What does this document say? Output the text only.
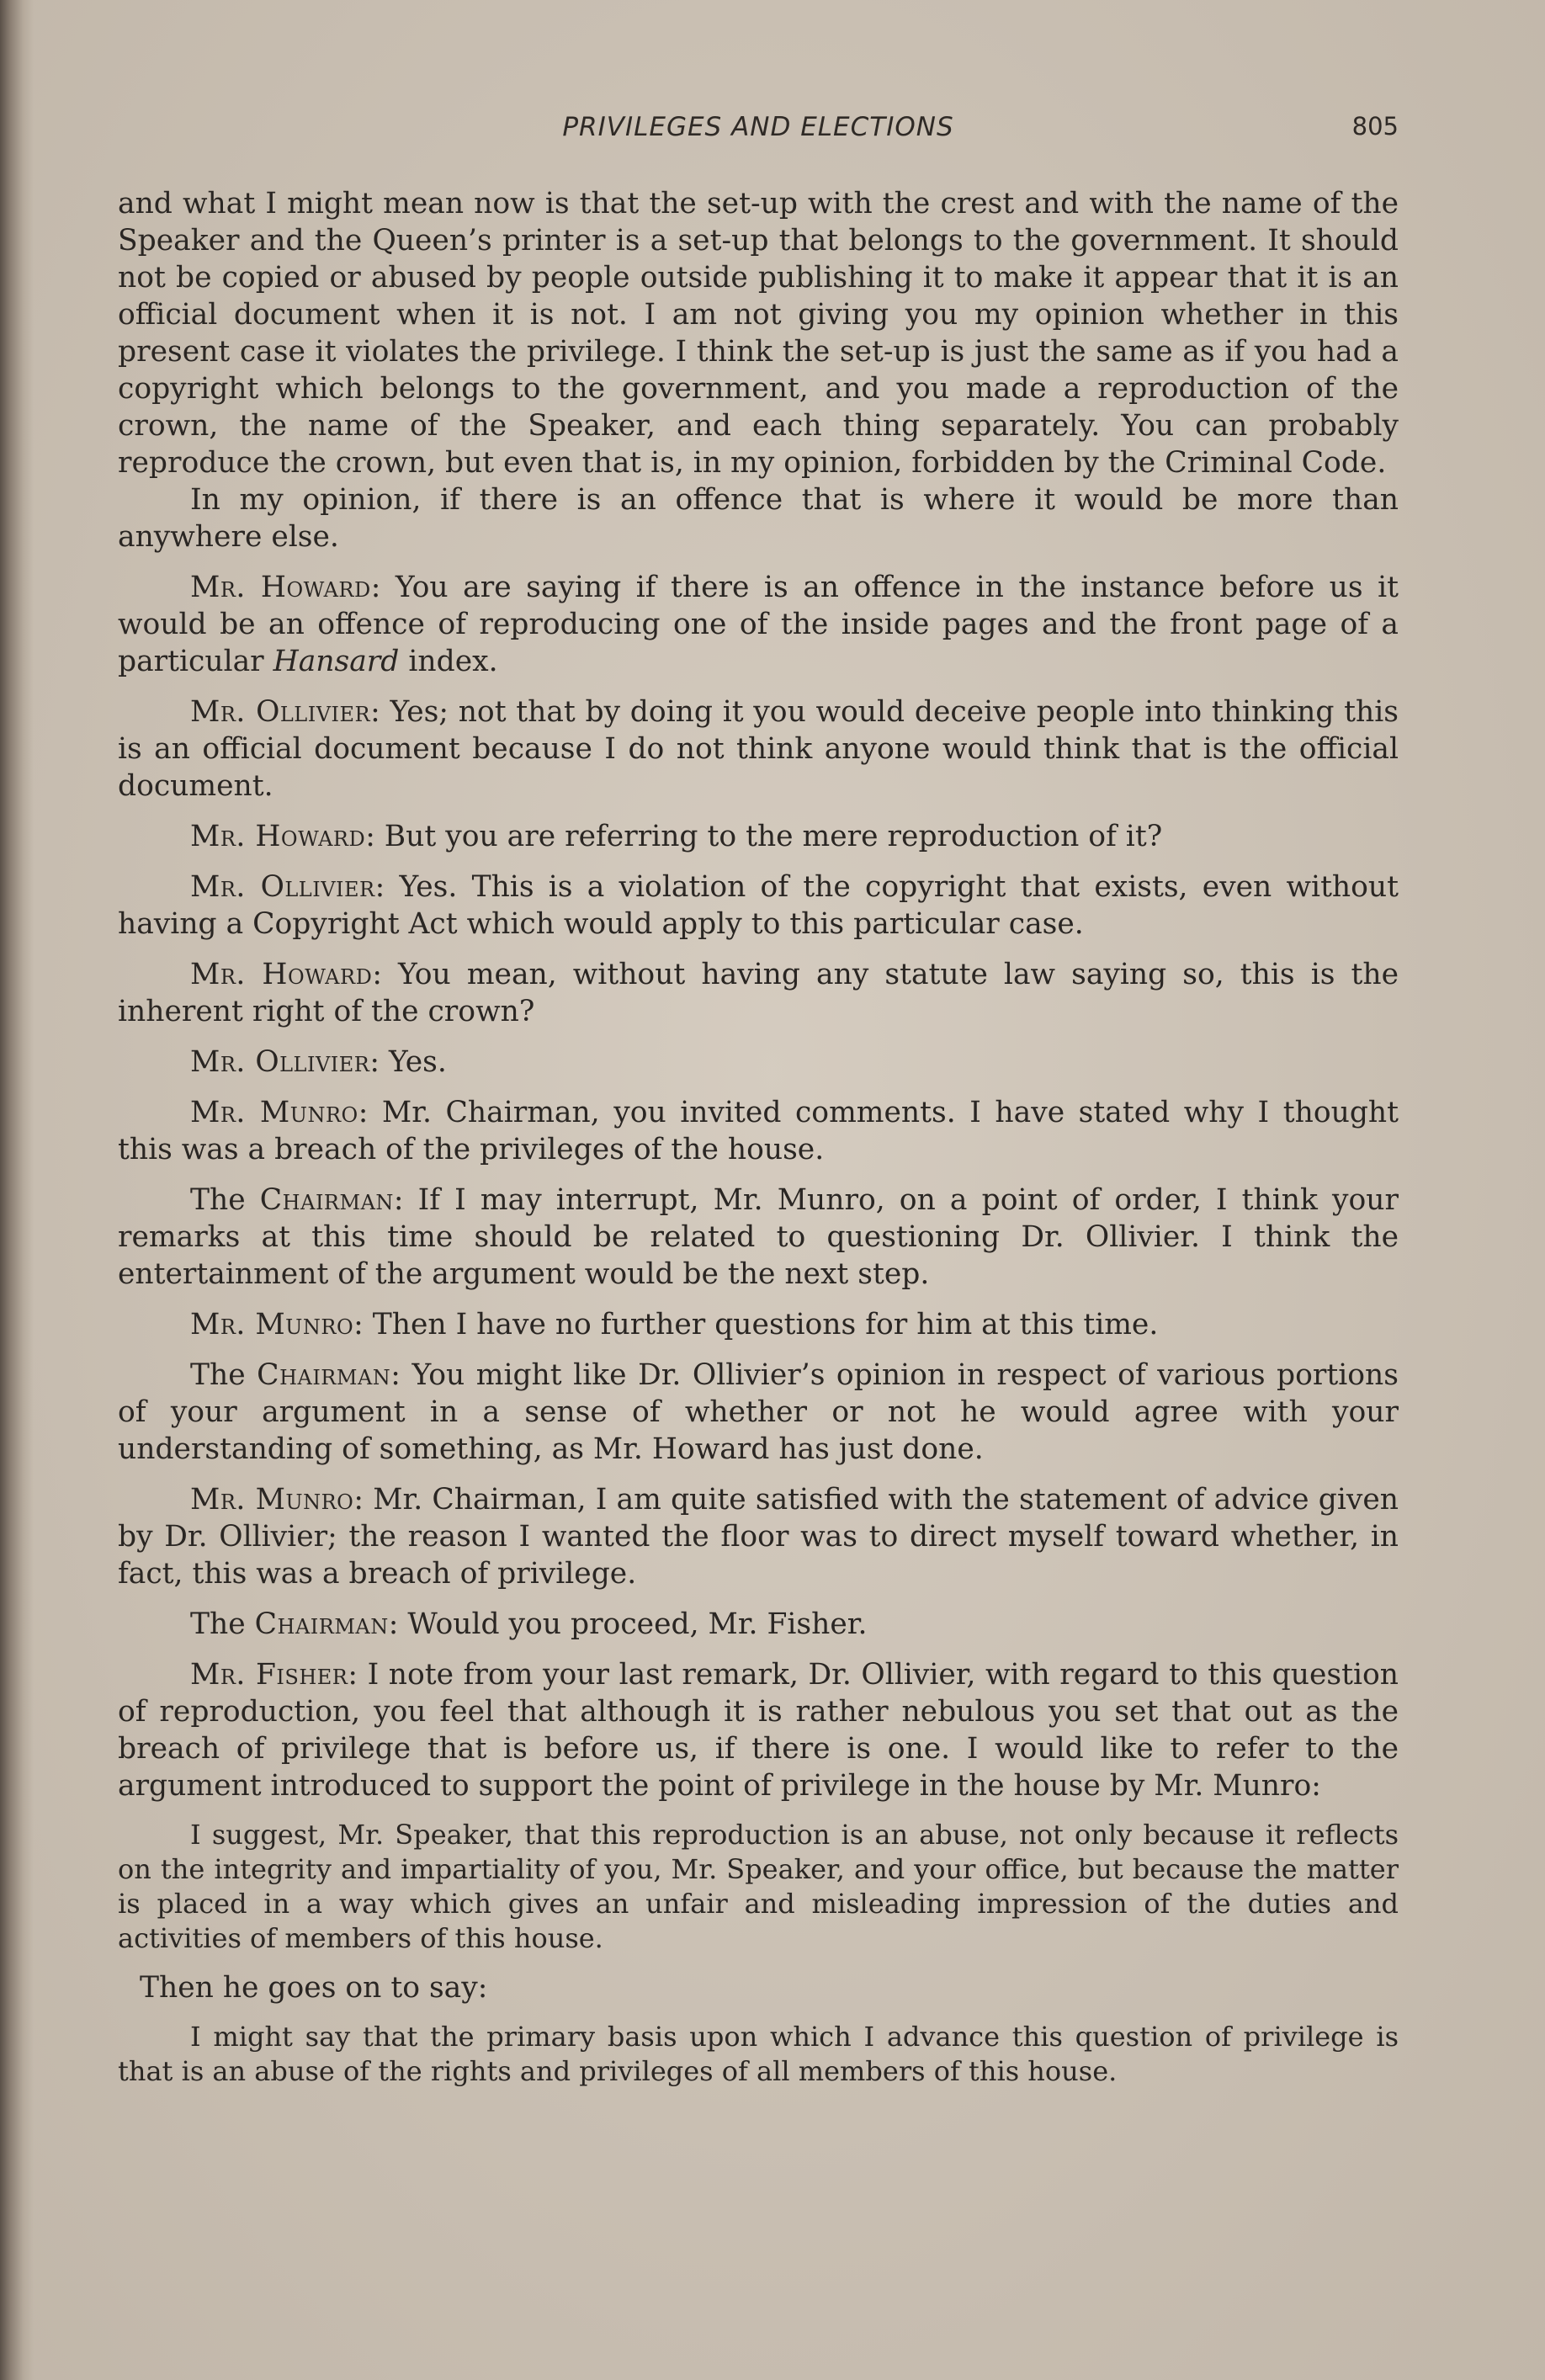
PRIVILEGES AND ELECTIONS	805

and what I might mean now is that the set-up with the crest and with the name of the Speaker and the Queen’s printer is a set-up that belongs to the government. It should not be copied or abused by people outside publishing it to make it appear that it is an official document when it is not. I am not giving you my opinion whether in this present case it violates the privilege. I think the set-up is just the same as if you had a copyright which belongs to the government, and you made a reproduction of the crown, the name of the Speaker, and each thing separately. You can probably reproduce the crown, but even that is, in my opinion, forbidden by the Criminal Code.

In my opinion, if there is an offence that is where it would be more than anywhere else.

Mr. Howard: You are saying if there is an offence in the instance before us it would be an offence of reproducing one of the inside pages and the front page of a particular Hansard index.

Mr. Ollivier: Yes; not that by doing it you would deceive people into thinking this is an official document because I do not think anyone would think that is the official document.

Mr. Howard: But you are referring to the mere reproduction of it?

Mr. Ollivier: Yes. This is a violation of the copyright that exists, even without having a Copyright Act which would apply to this particular case.

Mr. Howard: You mean, without having any statute law saying so, this is the inherent right of the crown?

Mr. Ollivier: Yes.

Mr. Munro: Mr. Chairman, you invited comments. I have stated why I thought this was a breach of the privileges of the house.

The Chairman: If I may interrupt, Mr. Munro, on a point of order, I think your remarks at this time should be related to questioning Dr. Ollivier. I think the entertainment of the argument would be the next step.

Mr. Munro: Then I have no further questions for him at this time.

The Chairman: You might like Dr. Ollivier’s opinion in respect of various portions of your argument in a sense of whether or not he would agree with your understanding of something, as Mr. Howard has just done.

Mr. Munro: Mr. Chairman, I am quite satisfied with the statement of advice given by Dr. Ollivier; the reason I wanted the floor was to direct myself toward whether, in fact, this was a breach of privilege.

The Chairman: Would you proceed, Mr. Fisher.

Mr. Fisher: I note from your last remark, Dr. Ollivier, with regard to this question of reproduction, you feel that although it is rather nebulous you set that out as the breach of privilege that is before us, if there is one. I would like to refer to the argument introduced to support the point of privilege in the house by Mr. Munro:

I suggest, Mr. Speaker, that this reproduction is an abuse, not only because it reflects on the integrity and impartiality of you, Mr. Speaker, and your office, but because the matter is placed in a way which gives an unfair and misleading impression of the duties and activities of members of this house.

Then he goes on to say:

I might say that the primary basis upon which I advance this question of privilege is that is an abuse of the rights and privileges of all members of this house.
